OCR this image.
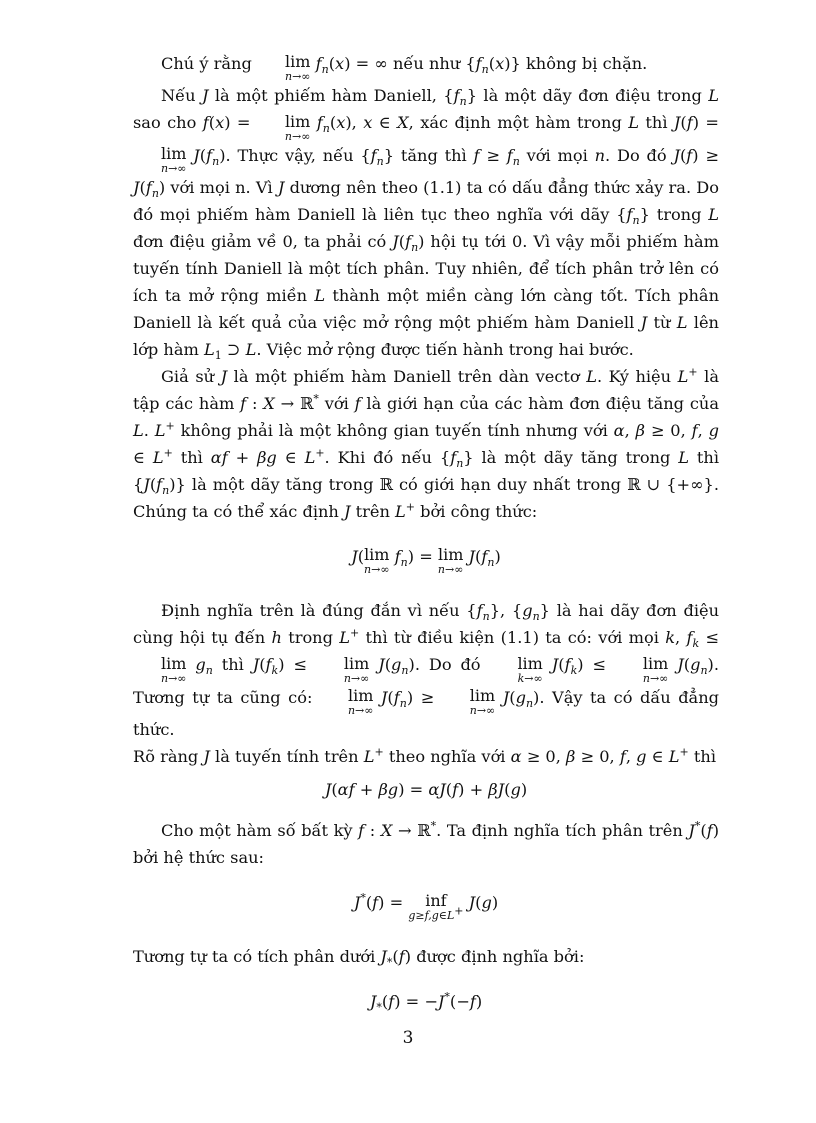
Chú ý rằng	lim
n→∞
$f_n(x)$ = ∞ nếu như $\{f_n(x)\}$ không bị chặn.

Nếu J là một phiếm hàm Daniell, $\{f_n\}$ là một dãy đơn điệu trong L sao cho f(x) =	lim
n→∞
$f_n(x)$, x ∈ X, xác định một hàm trong L thì J(f) =
lim
n→∞
$J(f_n)$. Thực vậy, nếu $\{f_n\}$ tăng thì $f \ge f_n$ với mọi n. Do đó $J(f) \ge J(f_n)$ với mọi n. Vì J dương nên theo (1.1) ta có dấu đẳng thức xảy ra. Do đó mọi phiếm hàm Daniell là liên tục theo nghĩa với dãy $\{f_n\}$ trong L đơn điệu giảm về 0, ta phải có $J(f_n)$ hội tụ tới 0. Vì vậy mỗi phiếm hàm tuyến tính Daniell là một tích phân. Tuy nhiên, để tích phân trở lên có ích ta mở rộng miền L thành một miền càng lớn càng tốt. Tích phân Daniell là kết quả của việc mở rộng một phiếm hàm Daniell J từ L lên lớp hàm $L_1$ ⊃ L. Việc mở rộng được tiến hành trong hai bước.

Giả sử J là một phiếm hàm Daniell trên dàn vectơ L. Ký hiệu L+ là tập các hàm f : X → ℝ* với f là giới hạn của các hàm đơn điệu tăng của L. L+ không phải là một không gian tuyến tính nhưng với α, β ≥ 0, f, g ∈ L+ thì αf + βg ∈ L+. Khi đó nếu $\{f_n\}$ là một dãy tăng trong L thì $\{J(f_n)\}$ là một dãy tăng trong ℝ có giới hạn duy nhất trong ℝ ∪ {+∞}. Chúng ta có thể xác định J trên L+ bởi công thức:

J( lim
n→∞
$f_n) = \lim$
n→∞
$J(f_n)$

Định nghĩa trên là đúng đắn vì nếu $\{f_n\}$, $\{g_n\}$ là hai dãy đơn điệu cùng hội tụ đến h trong L+ thì từ điều kiện (1.1) ta có: với mọi k, $f_k$ ≤
lim
n→∞
$g_n$ thì $J(f_k)$ ≤	lim
n→∞
$J(g_n)$. Do đó	lim
k→∞
$J(f_k)$ ≤	lim
n→∞
$J(g_n)$. Tương tự ta cũng có:	lim
n→∞
$J(f_n)$ ≥	lim
n→∞
$J(g_n)$. Vậy ta có dấu đẳng thức.

Rõ ràng J là tuyến tính trên L+ theo nghĩa với α ≥ 0, β ≥ 0, f, g ∈ L+ thì

J(αf + βg) = αJ(f) + βJ(g)

Cho một hàm số bất kỳ f : X → ℝ*. Ta định nghĩa tích phân trên J*(f) bởi hệ thức sau:

J*(f) =	inf
g≥f,g∈L+ J(g)

Tương tự ta có tích phân dưới $J_*(f)$ được định nghĩa bởi:

$J_*(f) = -J^*(-f)$
3
